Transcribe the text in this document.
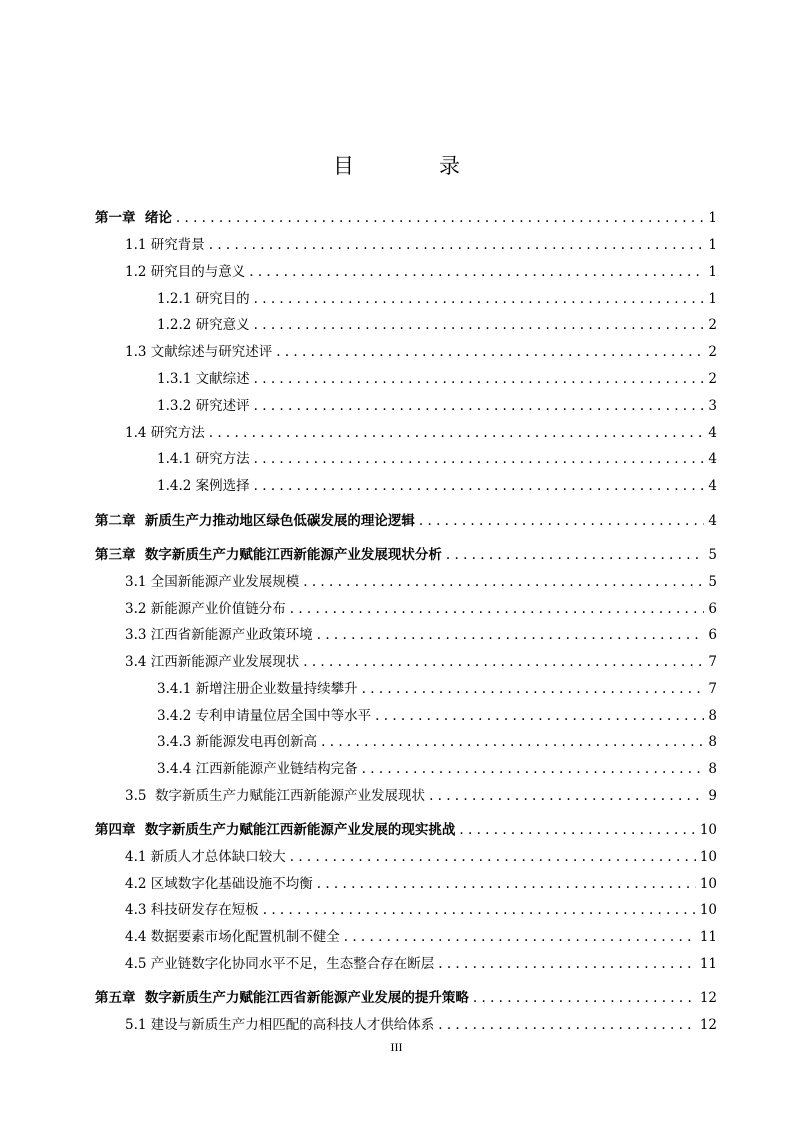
目　录
第一章 绪论 . . .	1
1.1 研究背景 . . .	1
1.2 研究目的与意义 . . .	1
1.2.1 研究目的 . . .	1
1.2.2 研究意义 . . .	2
1.3 文献综述与研究述评 . . .	2
1.3.1 文献综述 . . .	2
1.3.2 研究述评 . . .	3
1.4 研究方法 . . .	4
1.4.1 研究方法 . . .	4
1.4.2 案例选择 . . .	4
第二章 新质生产力推动地区绿色低碳发展的理论逻辑 . . .	4
第三章 数字新质生产力赋能江西新能源产业发展现状分析 . . .	5
3.1 全国新能源产业发展规模 . . .	5
3.2 新能源产业价值链分布 . . .	6
3.3 江西省新能源产业政策环境 . . .	6
3.4 江西新能源产业发展现状 . . .	7
3.4.1 新增注册企业数量持续攀升 . . .	7
3.4.2 专利申请量位居全国中等水平 . . .	8
3.4.3 新能源发电再创新高 . . .	8
3.4.4 江西新能源产业链结构完备 . . .	8
3.5 数字新质生产力赋能江西新能源产业发展现状 . . .	9
第四章 数字新质生产力赋能江西新能源产业发展的现实挑战 . . .	10
4.1 新质人才总体缺口较大 . . .	10
4.2 区域数字化基础设施不均衡 . . .	10
4.3 科技研发存在短板 . . .	10
4.4 数据要素市场化配置机制不健全 . . .	11
4.5 产业链数字化协同水平不足，生态整合存在断层 . . .	11
第五章 数字新质生产力赋能江西省新能源产业发展的提升策略 . . .	12
5.1 建设与新质生产力相匹配的高科技人才供给体系 . . .	12
III
